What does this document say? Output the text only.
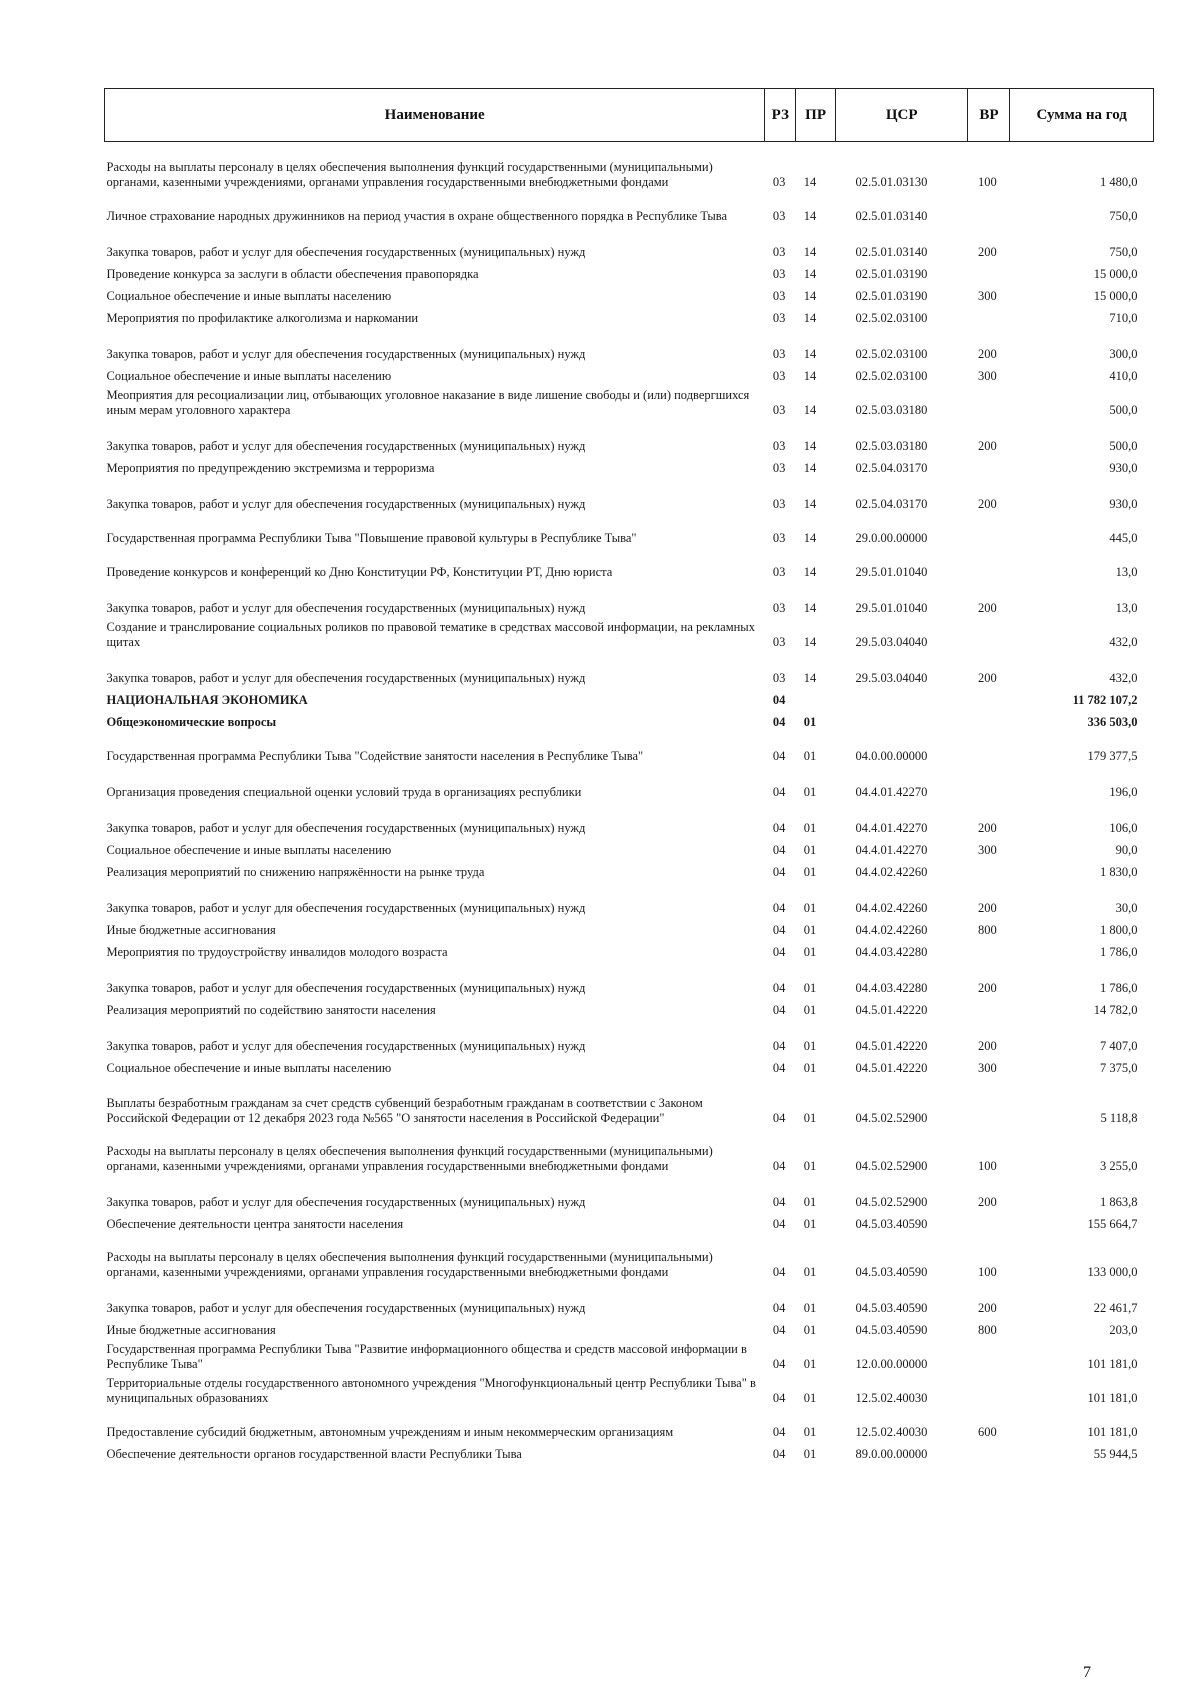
Наименование	РЗ	ПР	ЦСР	ВР	Сумма на год
Расходы на выплаты персоналу в целях обеспечения выполнения функций государственными (муниципальными) органами, казенными учреждениями, органами управления государственными внебюджетными фондами	03	14	02.5.01.03130	100	1 480,0
Личное страхование народных дружинников на период участия в охране общественного порядка в Республике Тыва	03	14	02.5.01.03140		750,0
Закупка товаров, работ и услуг для обеспечения государственных (муниципальных) нужд	03	14	02.5.01.03140	200	750,0
Проведение конкурса за заслуги в области обеспечения правопорядка	03	14	02.5.01.03190		15 000,0
Социальное обеспечение и иные выплаты населению	03	14	02.5.01.03190	300	15 000,0
Мероприятия по профилактике алкоголизма и наркомании	03	14	02.5.02.03100		710,0
Закупка товаров, работ и услуг для обеспечения государственных (муниципальных) нужд	03	14	02.5.02.03100	200	300,0
Социальное обеспечение и иные выплаты населению	03	14	02.5.02.03100	300	410,0
Меоприятия для ресоциализации лиц, отбывающих уголовное наказание в виде лишение свободы и (или) подвергшихся иным мерам уголовного характера	03	14	02.5.03.03180		500,0
Закупка товаров, работ и услуг для обеспечения государственных (муниципальных) нужд	03	14	02.5.03.03180	200	500,0
Мероприятия по предупреждению экстремизма и терроризма	03	14	02.5.04.03170		930,0
Закупка товаров, работ и услуг для обеспечения государственных (муниципальных) нужд	03	14	02.5.04.03170	200	930,0
Государственная программа Республики Тыва "Повышение правовой культуры в Республике Тыва"	03	14	29.0.00.00000		445,0
Проведение конкурсов и конференций ко Дню Конституции РФ, Конституции РТ, Дню юриста	03	14	29.5.01.01040		13,0
Закупка товаров, работ и услуг для обеспечения государственных (муниципальных) нужд	03	14	29.5.01.01040	200	13,0
Создание и транслирование социальных роликов по правовой тематике в средствах массовой информации, на рекламных щитах	03	14	29.5.03.04040		432,0
Закупка товаров, работ и услуг для обеспечения государственных (муниципальных) нужд	03	14	29.5.03.04040	200	432,0
НАЦИОНАЛЬНАЯ ЭКОНОМИКА	04				11 782 107,2
Общеэкономические вопросы	04	01			336 503,0
Государственная программа Республики Тыва "Содействие занятости населения в Республике Тыва"	04	01	04.0.00.00000		179 377,5
Организация проведения специальной оценки условий труда в организациях республики	04	01	04.4.01.42270		196,0
Закупка товаров, работ и услуг для обеспечения государственных (муниципальных) нужд	04	01	04.4.01.42270	200	106,0
Социальное обеспечение и иные выплаты населению	04	01	04.4.01.42270	300	90,0
Реализация мероприятий по снижению напряжённости на рынке труда	04	01	04.4.02.42260		1 830,0
Закупка товаров, работ и услуг для обеспечения государственных (муниципальных) нужд	04	01	04.4.02.42260	200	30,0
Иные бюджетные ассигнования	04	01	04.4.02.42260	800	1 800,0
Мероприятия по трудоустройству инвалидов молодого возраста	04	01	04.4.03.42280		1 786,0
Закупка товаров, работ и услуг для обеспечения государственных (муниципальных) нужд	04	01	04.4.03.42280	200	1 786,0
Реализация мероприятий по содействию занятости населения	04	01	04.5.01.42220		14 782,0
Закупка товаров, работ и услуг для обеспечения государственных (муниципальных) нужд	04	01	04.5.01.42220	200	7 407,0
Социальное обеспечение и иные выплаты населению	04	01	04.5.01.42220	300	7 375,0
Выплаты безработным гражданам за счет средств субвенций безработным гражданам в соответствии с Законом Российской Федерации от 12 декабря 2023 года №565 "О занятости населения в Российской Федерации"	04	01	04.5.02.52900		5 118,8
Расходы на выплаты персоналу в целях обеспечения выполнения функций государственными (муниципальными) органами, казенными учреждениями, органами управления государственными внебюджетными фондами	04	01	04.5.02.52900	100	3 255,0
Закупка товаров, работ и услуг для обеспечения государственных (муниципальных) нужд	04	01	04.5.02.52900	200	1 863,8
Обеспечение деятельности центра занятости населения	04	01	04.5.03.40590		155 664,7
Расходы на выплаты персоналу в целях обеспечения выполнения функций государственными (муниципальными) органами, казенными учреждениями, органами управления государственными внебюджетными фондами	04	01	04.5.03.40590	100	133 000,0
Закупка товаров, работ и услуг для обеспечения государственных (муниципальных) нужд	04	01	04.5.03.40590	200	22 461,7
Иные бюджетные ассигнования	04	01	04.5.03.40590	800	203,0
Государственная программа Республики Тыва "Развитие информационного общества и средств массовой информации в Республике Тыва"	04	01	12.0.00.00000		101 181,0
Территориальные отделы государственного автономного учреждения "Многофункциональный центр Республики Тыва" в муниципальных образованиях	04	01	12.5.02.40030		101 181,0
Предоставление субсидий бюджетным, автономным учреждениям и иным некоммерческим организациям	04	01	12.5.02.40030	600	101 181,0
Обеспечение деятельности органов государственной власти Республики Тыва	04	01	89.0.00.00000		55 944,5
7
